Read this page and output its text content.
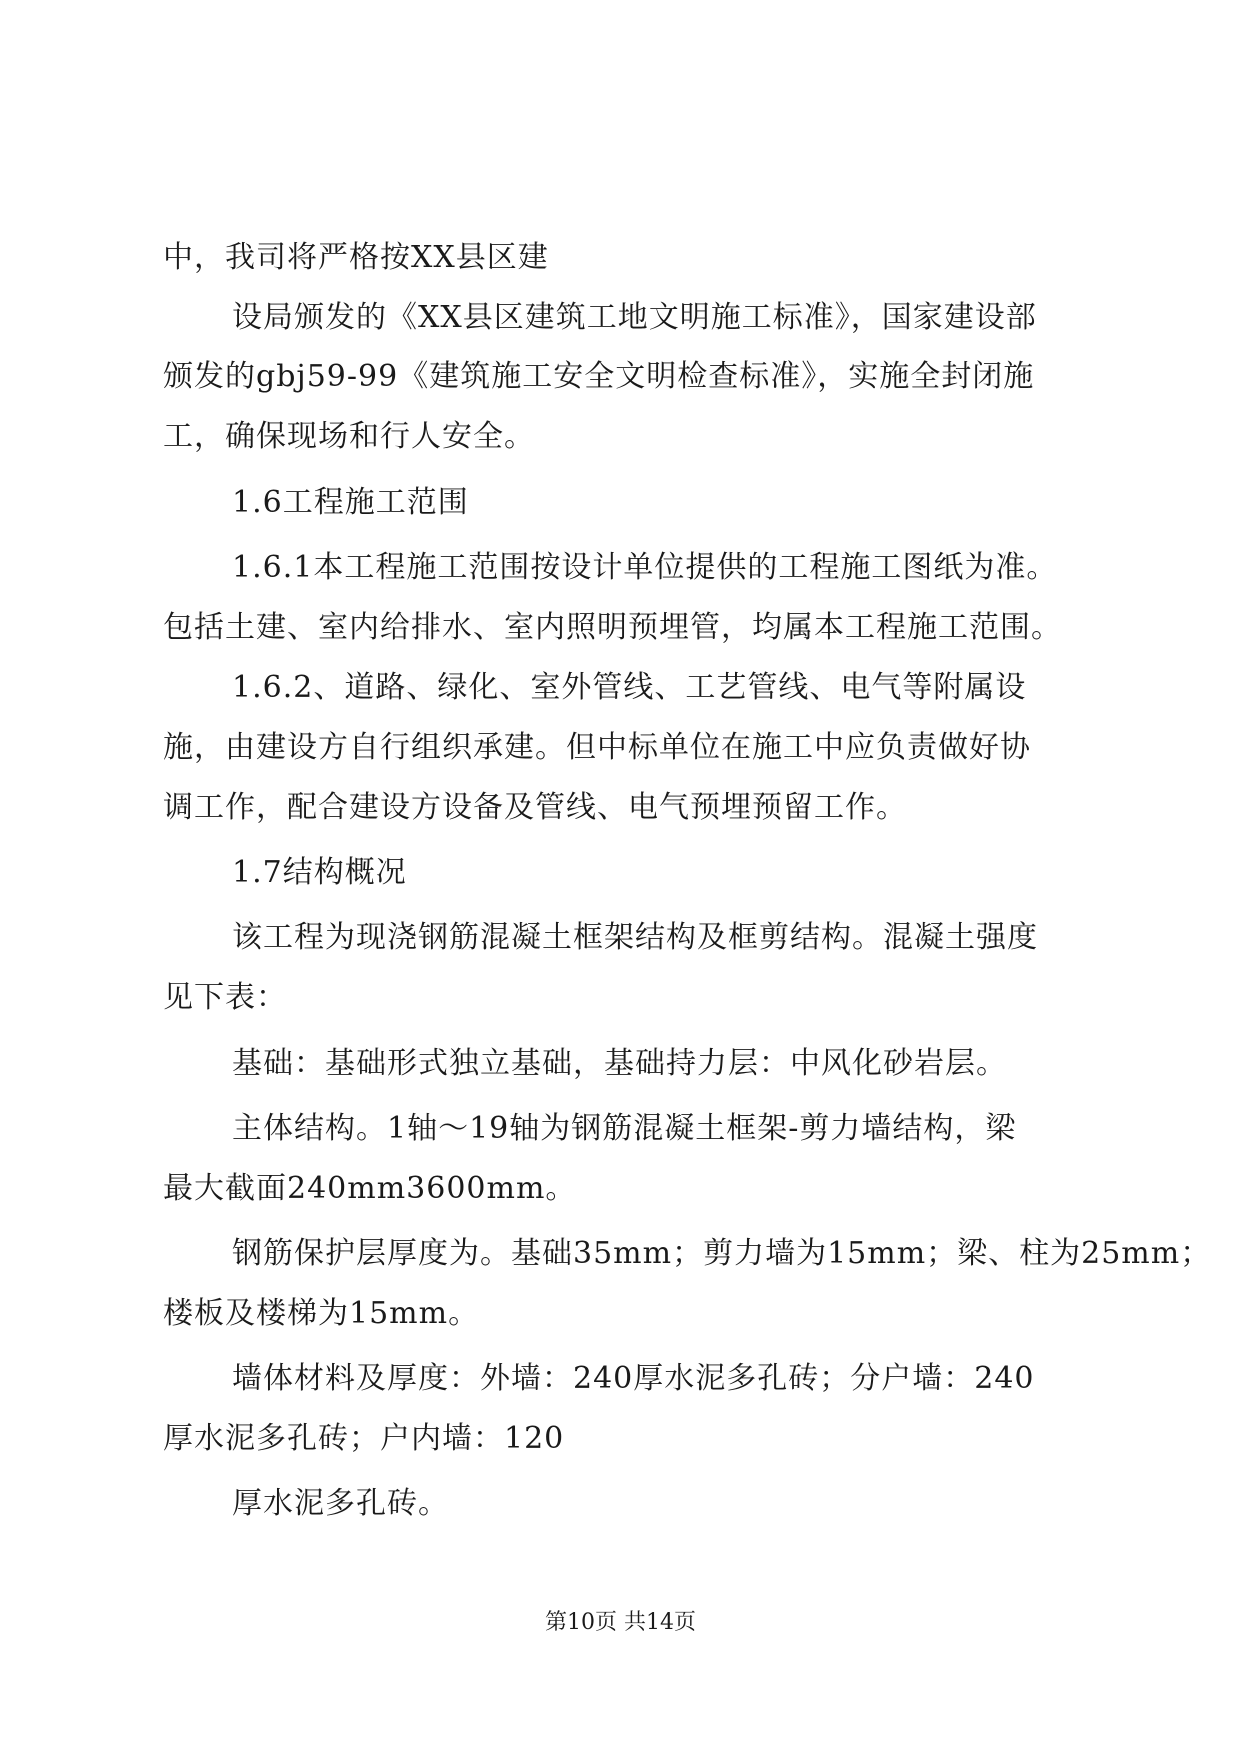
中，我司将严格按XX县区建
设局颁发的《XX县区建筑工地文明施工标准》，国家建设部
颁发的gbj59-99《建筑施工安全文明检查标准》，实施全封闭施
工，确保现场和行人安全。
1.6工程施工范围
1.6.1本工程施工范围按设计单位提供的工程施工图纸为准。
包括土建、室内给排水、室内照明预埋管，均属本工程施工范围。
1.6.2、道路、绿化、室外管线、工艺管线、电气等附属设
施，由建设方自行组织承建。但中标单位在施工中应负责做好协
调工作，配合建设方设备及管线、电气预埋预留工作。
1.7结构概况
该工程为现浇钢筋混凝土框架结构及框剪结构。混凝土强度
见下表：
基础：基础形式独立基础，基础持力层：中风化砂岩层。
主体结构。1轴～19轴为钢筋混凝土框架-剪力墙结构，梁
最大截面240mm3600mm。
钢筋保护层厚度为。基础35mm；剪力墙为15mm；梁、柱为25mm；
楼板及楼梯为15mm。
墙体材料及厚度：外墙：240厚水泥多孔砖；分户墙：240
厚水泥多孔砖；户内墙：120
厚水泥多孔砖。
第10页 共14页
